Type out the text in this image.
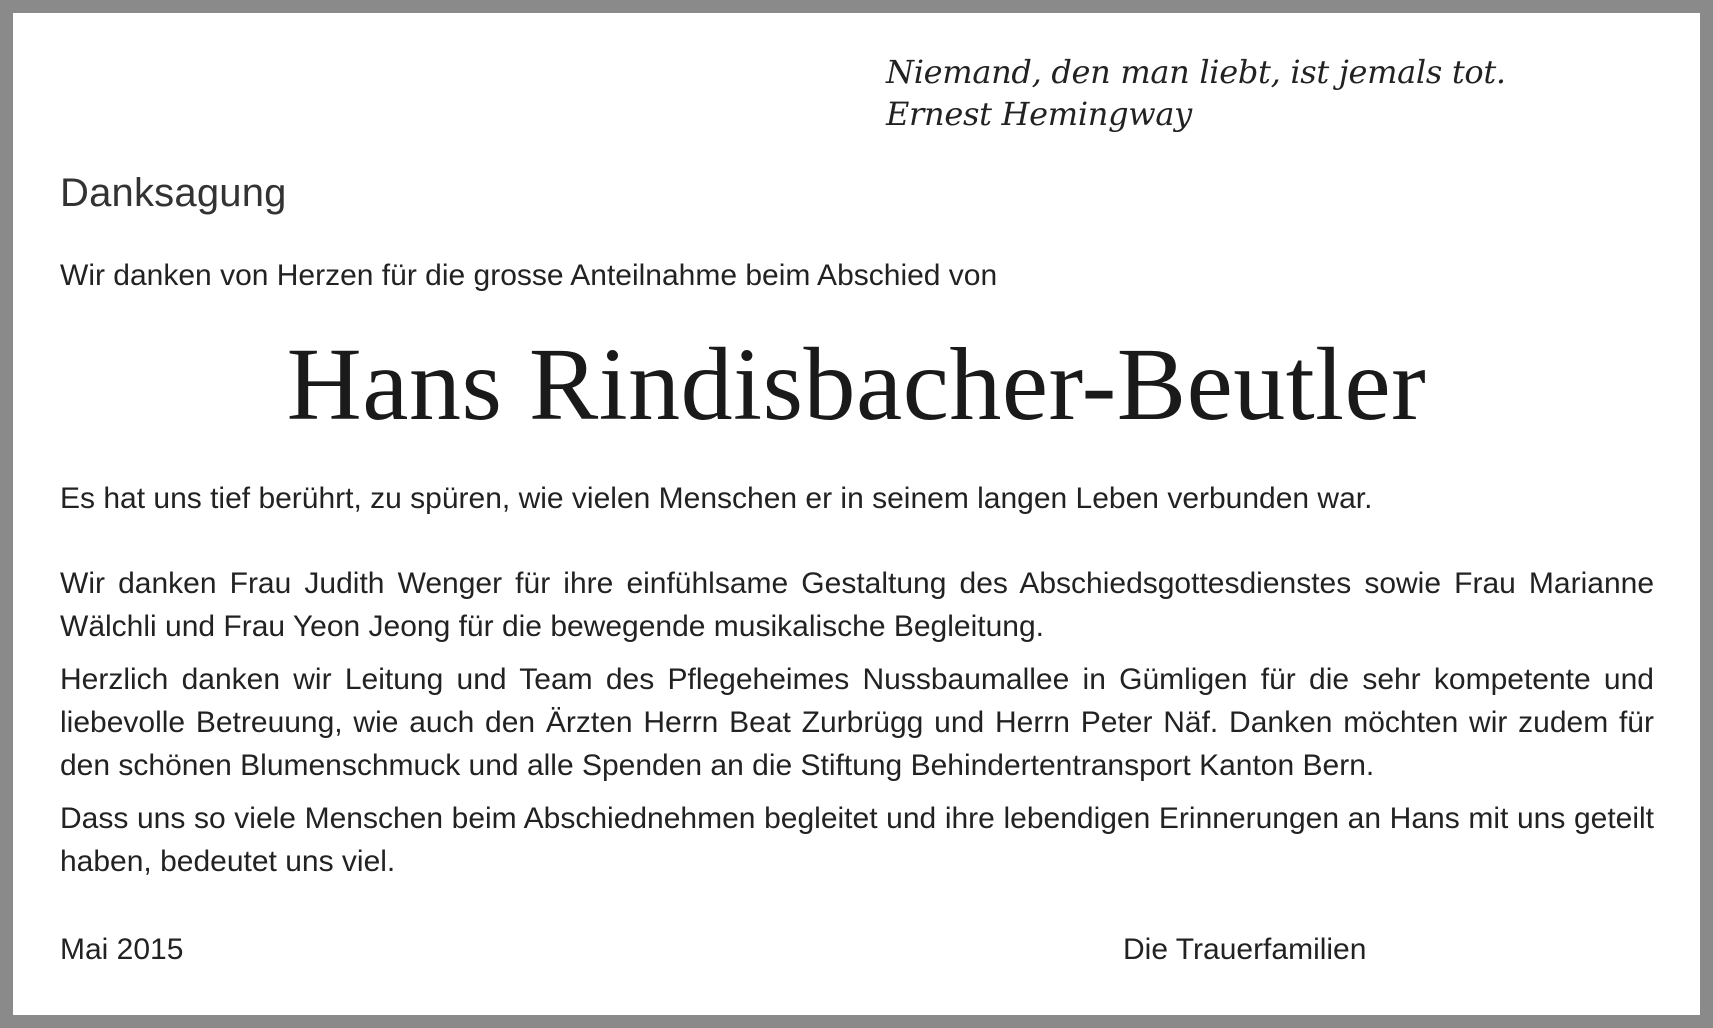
Niemand, den man liebt, ist jemals tot.
Ernest Hemingway
Danksagung
Wir danken von Herzen für die grosse Anteilnahme beim Abschied von
Hans Rindisbacher-Beutler
Es hat uns tief berührt, zu spüren, wie vielen Menschen er in seinem langen Leben verbunden war.
Wir danken Frau Judith Wenger für ihre einfühlsame Gestaltung des Abschiedsgottesdienstes sowie Frau Marianne Wälchli und Frau Yeon Jeong für die bewegende musikalische Begleitung.
Herzlich danken wir Leitung und Team des Pflegeheimes Nussbaumallee in Gümligen für die sehr kompetente und liebevolle Betreuung, wie auch den Ärzten Herrn Beat Zurbrügg und Herrn Peter Näf. Danken möchten wir zudem für den schönen Blumenschmuck und alle Spenden an die Stiftung Behindertentransport Kanton Bern.
Dass uns so viele Menschen beim Abschiednehmen begleitet und ihre lebendigen Erinnerungen an Hans mit uns geteilt haben, bedeutet uns viel.
Mai 2015	Die Trauerfamilien
